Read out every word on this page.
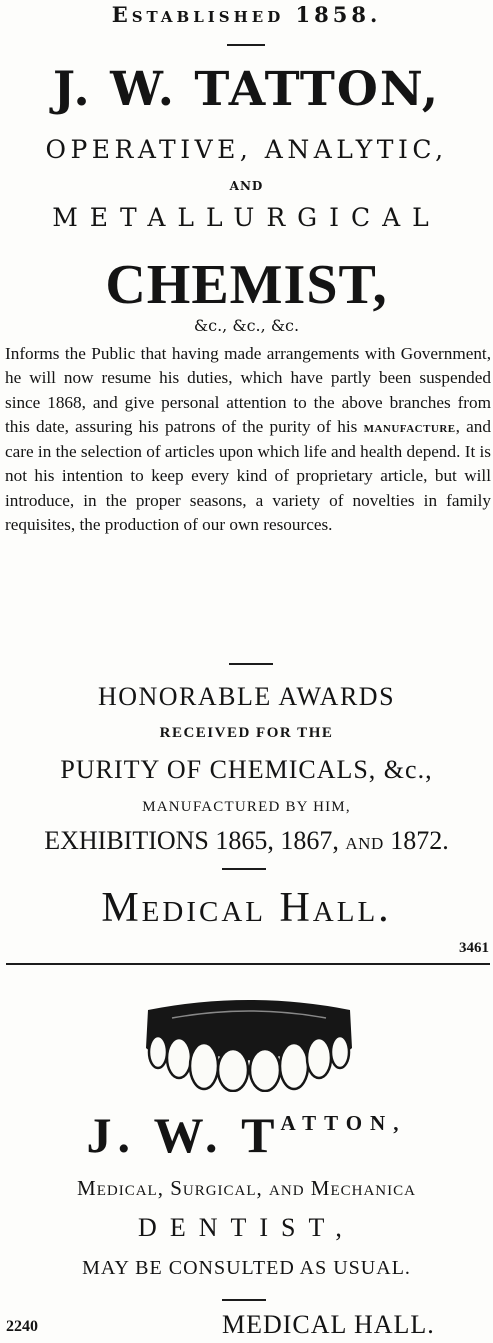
Established 1858.
J. W. TATTON,
OPERATIVE, ANALYTIC,
AND
METALLURGICAL
CHEMIST,
&c., &c., &c.
Informs the Public that having made arrangements with Government, he will now resume his duties, which have partly been suspended since 1868, and give personal attention to the above branches from this date, assuring his patrons of the purity of his manufacture, and care in the selection of articles upon which life and health depend. It is not his intention to keep every kind of proprietary article, but will introduce, in the proper seasons, a variety of novelties in family requisites, the production of our own resources.
HONORABLE AWARDS
RECEIVED FOR THE
PURITY OF CHEMICALS, &c.,
MANUFACTURED BY HIM,
EXHIBITIONS 1865, 1867, AND 1872.
Medical Hall.
3461
J. W. TATTON,
Medical, Surgical, and Mechanica
DENTIST,
MAY BE CONSULTED AS USUAL.
2240	MEDICAL HALL.
